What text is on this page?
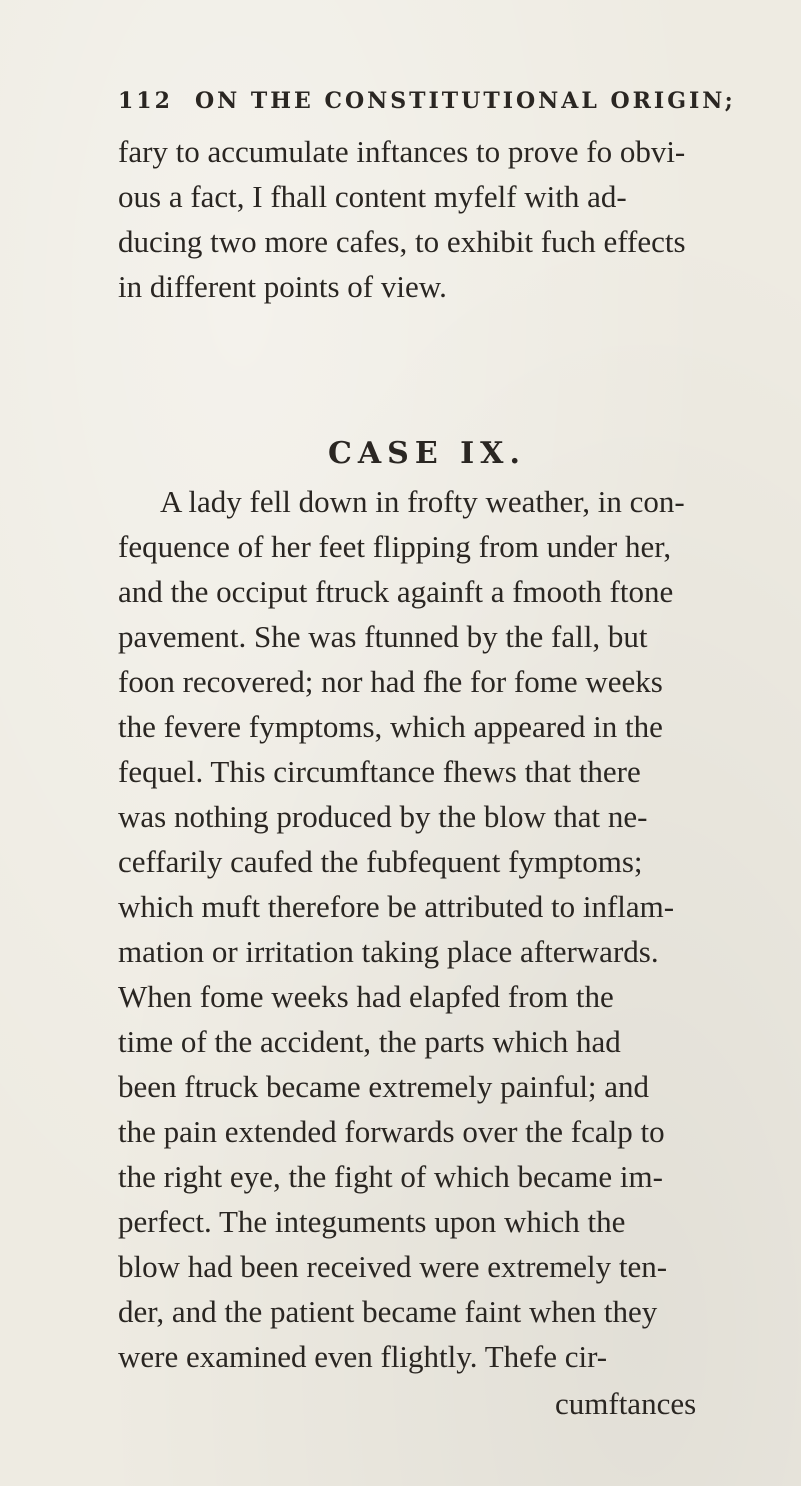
112 ON THE CONSTITUTIONAL ORIGIN;
fary to accumulate inftances to prove fo obvi-
ous a fact, I fhall content myfelf with ad-
ducing two more cafes, to exhibit fuch effects
in different points of view.
CASE IX.
A lady fell down in frofty weather, in con-
fequence of her feet flipping from under her,
and the occiput ftruck againft a fmooth ftone
pavement. She was ftunned by the fall, but
foon recovered; nor had fhe for fome weeks
the fevere fymptoms, which appeared in the
fequel. This circumftance fhews that there
was nothing produced by the blow that ne-
ceffarily caufed the fubfequent fymptoms;
which muft therefore be attributed to inflam-
mation or irritation taking place afterwards.
When fome weeks had elapfed from the
time of the accident, the parts which had
been ftruck became extremely painful; and
the pain extended forwards over the fcalp to
the right eye, the fight of which became im-
perfect. The integuments upon which the
blow had been received were extremely ten-
der, and the patient became faint when they
were examined even flightly. Thefe cir-
cumftances
